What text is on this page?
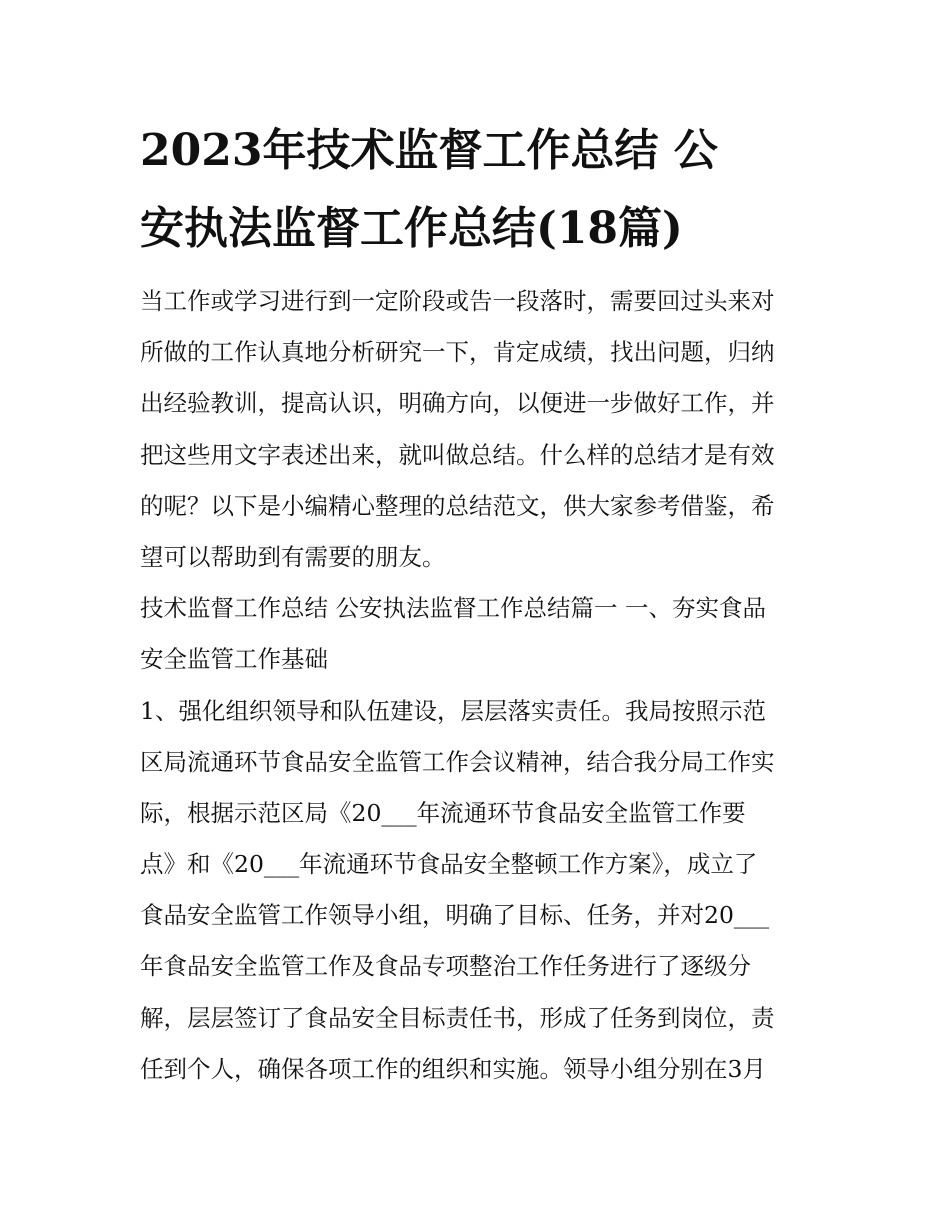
2023年技术监督工作总结 公
安执法监督工作总结(18篇)
当工作或学习进行到一定阶段或告一段落时，需要回过头来对
所做的工作认真地分析研究一下，肯定成绩，找出问题，归纳
出经验教训，提高认识，明确方向，以便进一步做好工作，并
把这些用文字表述出来，就叫做总结。什么样的总结才是有效
的呢？以下是小编精心整理的总结范文，供大家参考借鉴，希
望可以帮助到有需要的朋友。
技术监督工作总结 公安执法监督工作总结篇一 一、夯实食品
安全监管工作基础
1、强化组织领导和队伍建设，层层落实责任。我局按照示范
区局流通环节食品安全监管工作会议精神，结合我分局工作实
际，根据示范区局《20___年流通环节食品安全监管工作要
点》和《20___年流通环节食品安全整顿工作方案》，成立了
食品安全监管工作领导小组，明确了目标、任务，并对20___
年食品安全监管工作及食品专项整治工作任务进行了逐级分
解，层层签订了食品安全目标责任书，形成了任务到岗位，责
任到个人，确保各项工作的组织和实施。领导小组分别在3月
